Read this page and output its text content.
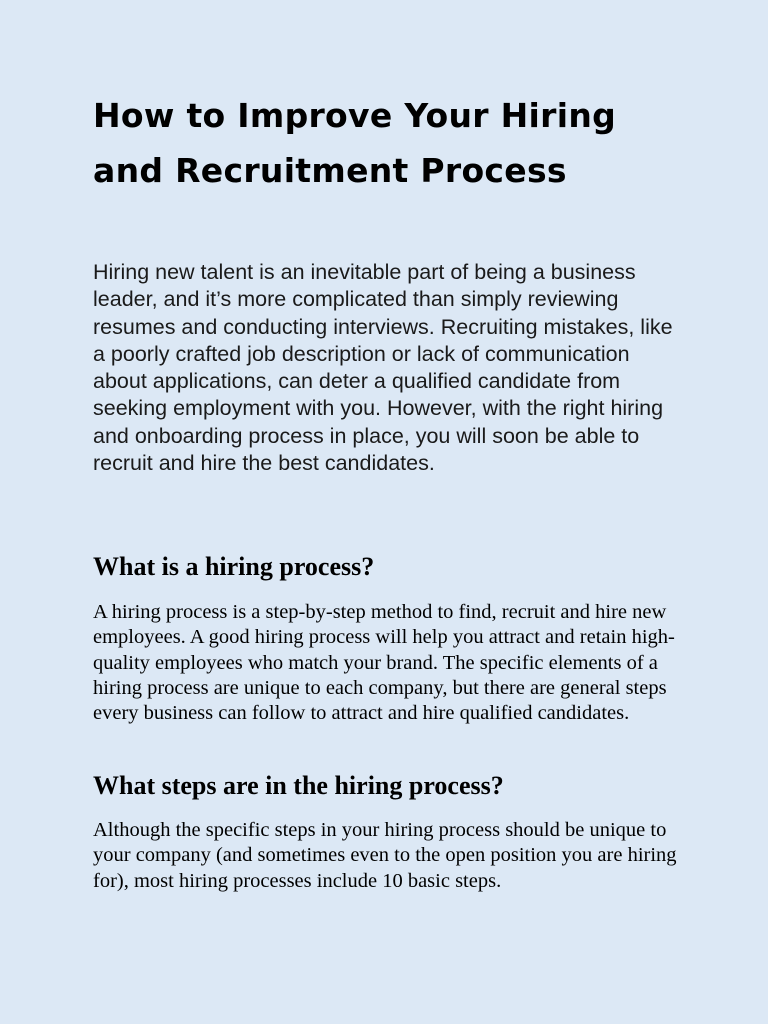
How to Improve Your Hiring and Recruitment Process

Hiring new talent is an inevitable part of being a business leader, and it’s more complicated than simply reviewing resumes and conducting interviews. Recruiting mistakes, like a poorly crafted job description or lack of communication about applications, can deter a qualified candidate from seeking employment with you. However, with the right hiring and onboarding process in place, you will soon be able to recruit and hire the best candidates.

What is a hiring process?

A hiring process is a step-by-step method to find, recruit and hire new employees. A good hiring process will help you attract and retain high-quality employees who match your brand. The specific elements of a hiring process are unique to each company, but there are general steps every business can follow to attract and hire qualified candidates.

What steps are in the hiring process?

Although the specific steps in your hiring process should be unique to your company (and sometimes even to the open position you are hiring for), most hiring processes include 10 basic steps.
